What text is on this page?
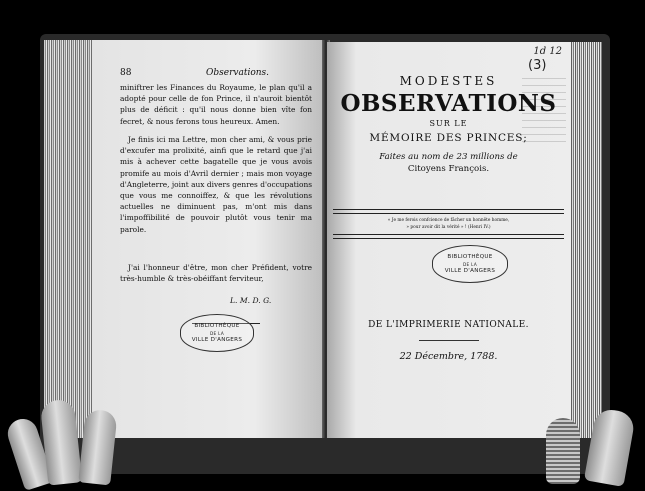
88	Observations.
miniftrer les Finances du Royaume, le plan qu'il a adopté pour celle de fon Prince, il n'auroit bientôt plus de déficit : qu'il nous donne bien vîte fon fecret, & nous ferons tous heureux. Amen.
Je finis ici ma Lettre, mon cher ami, & vous prie d'excufer ma prolixité, ainfi que le retard que j'ai mis à achever cette bagatelle que je vous avois promife au mois d'Avril dernier ; mais mon voyage d'Angleterre, joint aux divers genres d'occupations que vous me connoiffez, & que les révolutions actuelles ne diminuent pas, m'ont mis dans l'impoffibilité de pouvoir plutôt vous tenir ma parole.
J'ai l'honneur d'être, mon cher Préfident, votre très-humble & très-obéiffant ferviteur,
L. M. D. G.
BIBLIOTHÈQUE
DE LA
VILLE D'ANGERS
1d 12
(3)
MODESTES
OBSERVATIONS
SUR LE
MÉMOIRE DES PRINCES;
Faites au nom de 23 millions de
Citoyens François.
« Je me ferois confcience de fâcher un honnête homme,
» pour avoir dit la vérité » ! (Henri IV.)
BIBLIOTHÈQUE
DE LA
VILLE D'ANGERS
DE L'IMPRIMERIE NATIONALE.
22 Décembre, 1788.
